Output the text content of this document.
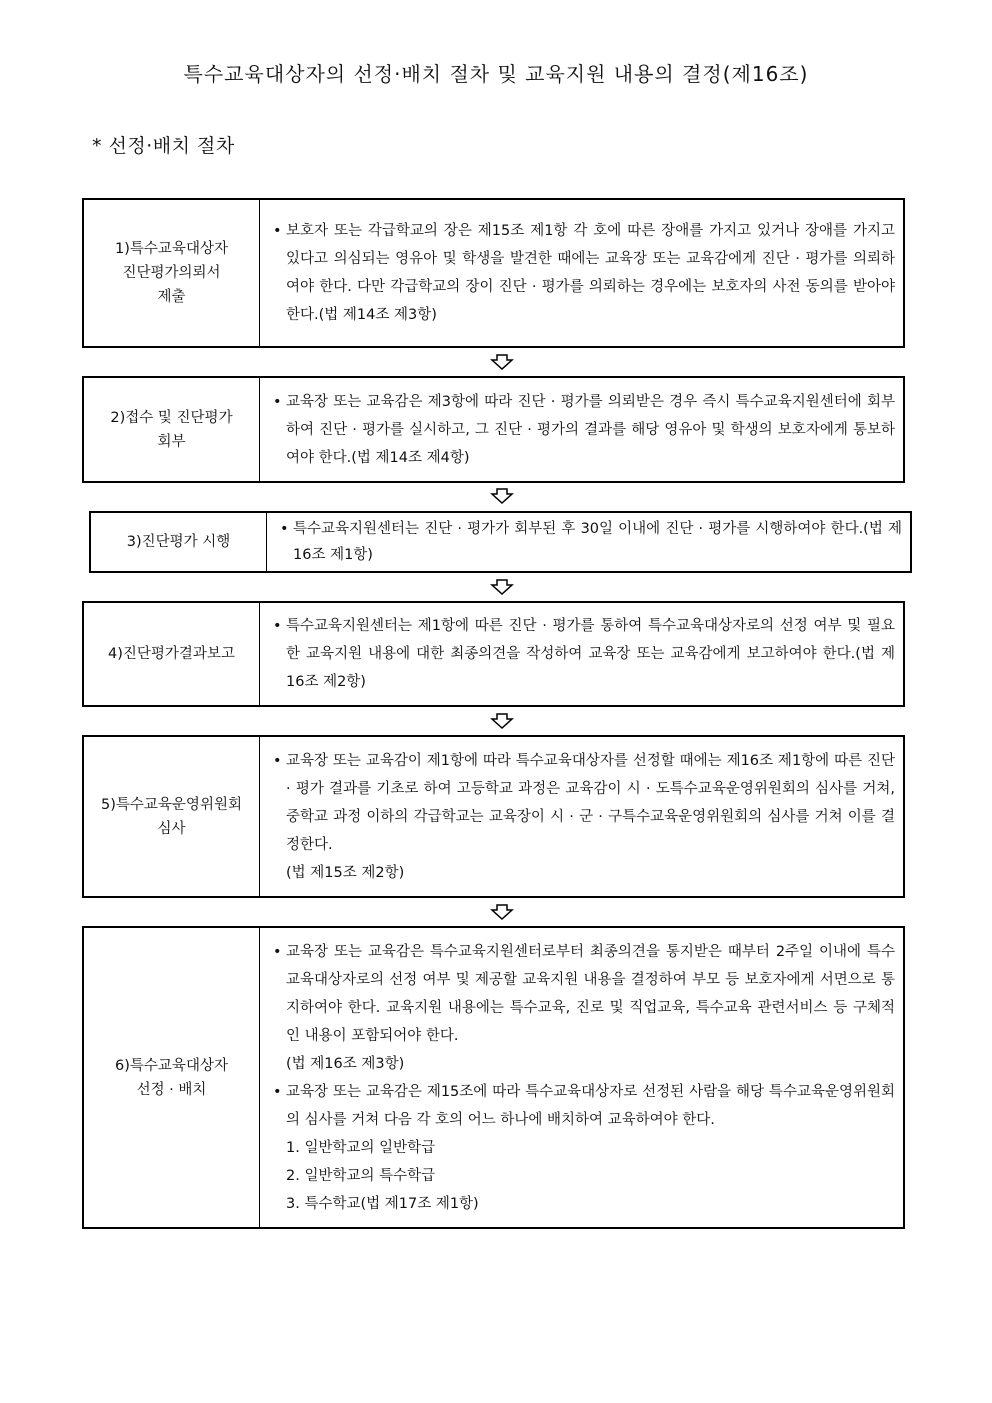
특수교육대상자의 선정·배치 절차 및 교육지원 내용의 결정(제16조)
* 선정·배치 절차
1)특수교육대상자
진단평가의뢰서
제출
• 보호자 또는 각급학교의 장은 제15조 제1항 각 호에 따른 장애를 가지고 있거나 장애를 가지고 있다고 의심되는 영유아 및 학생을 발견한 때에는 교육장 또는 교육감에게 진단 · 평가를 의뢰하여야 한다. 다만 각급학교의 장이 진단 · 평가를 의뢰하는 경우에는 보호자의 사전 동의를 받아야 한다.(법 제14조 제3항)
2)접수 및 진단평가
회부
• 교육장 또는 교육감은 제3항에 따라 진단 · 평가를 의뢰받은 경우 즉시 특수교육지원센터에 회부하여 진단 · 평가를 실시하고, 그 진단 · 평가의 결과를 해당 영유아 및 학생의 보호자에게 통보하여야 한다.(법 제14조 제4항)
3)진단평가 시행
• 특수교육지원센터는 진단 · 평가가 회부된 후 30일 이내에 진단 · 평가를 시행하여야 한다.(법 제16조 제1항)
4)진단평가결과보고
• 특수교육지원센터는 제1항에 따른 진단 · 평가를 통하여 특수교육대상자로의 선정 여부 및 필요한 교육지원 내용에 대한 최종의견을 작성하여 교육장 또는 교육감에게 보고하여야 한다.(법 제16조 제2항)
5)특수교육운영위원회
심사
• 교육장 또는 교육감이 제1항에 따라 특수교육대상자를 선정할 때에는 제16조 제1항에 따른 진단 · 평가 결과를 기초로 하여 고등학교 과정은 교육감이 시 · 도특수교육운영위원회의 심사를 거쳐, 중학교 과정 이하의 각급학교는 교육장이 시 · 군 · 구특수교육운영위원회의 심사를 거쳐 이를 결정한다.
(법 제15조 제2항)
6)특수교육대상자
선정 · 배치
• 교육장 또는 교육감은 특수교육지원센터로부터 최종의견을 통지받은 때부터 2주일 이내에 특수교육대상자로의 선정 여부 및 제공할 교육지원 내용을 결정하여 부모 등 보호자에게 서면으로 통지하여야 한다. 교육지원 내용에는 특수교육, 진로 및 직업교육, 특수교육 관련서비스 등 구체적인 내용이 포함되어야 한다.
(법 제16조 제3항)
• 교육장 또는 교육감은 제15조에 따라 특수교육대상자로 선정된 사람을 해당 특수교육운영위원회의 심사를 거쳐 다음 각 호의 어느 하나에 배치하여 교육하여야 한다.
1. 일반학교의 일반학급
2. 일반학교의 특수학급
3. 특수학교(법 제17조 제1항)
